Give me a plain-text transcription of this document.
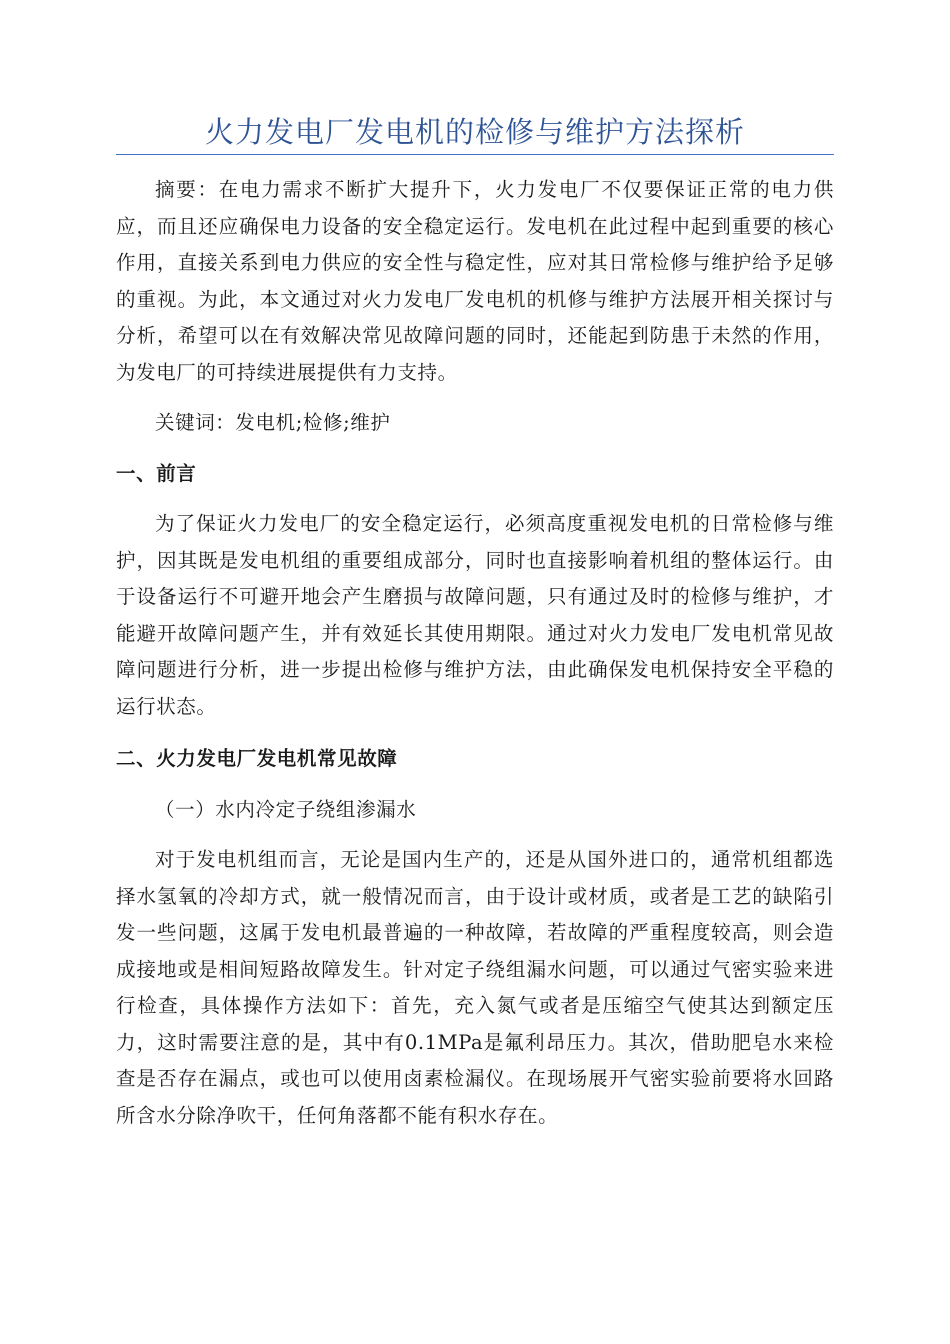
火力发电厂发电机的检修与维护方法探析

摘要：在电力需求不断扩大提升下，火力发电厂不仅要保证正常的电力供应，而且还应确保电力设备的安全稳定运行。发电机在此过程中起到重要的核心作用，直接关系到电力供应的安全性与稳定性，应对其日常检修与维护给予足够的重视。为此，本文通过对火力发电厂发电机的机修与维护方法展开相关探讨与分析，希望可以在有效解决常见故障问题的同时，还能起到防患于未然的作用，为发电厂的可持续进展提供有力支持。

关键词：发电机;检修;维护

一、前言

为了保证火力发电厂的安全稳定运行，必须高度重视发电机的日常检修与维护，因其既是发电机组的重要组成部分，同时也直接影响着机组的整体运行。由于设备运行不可避开地会产生磨损与故障问题，只有通过及时的检修与维护，才能避开故障问题产生，并有效延长其使用期限。通过对火力发电厂发电机常见故障问题进行分析，进一步提出检修与维护方法，由此确保发电机保持安全平稳的运行状态。

二、火力发电厂发电机常见故障

（一）水内冷定子绕组渗漏水

对于发电机组而言，无论是国内生产的，还是从国外进口的，通常机组都选择水氢氧的冷却方式，就一般情况而言，由于设计或材质，或者是工艺的缺陷引发一些问题，这属于发电机最普遍的一种故障，若故障的严重程度较高，则会造成接地或是相间短路故障发生。针对定子绕组漏水问题，可以通过气密实验来进行检查，具体操作方法如下：首先，充入氮气或者是压缩空气使其达到额定压力，这时需要注意的是，其中有0.1MPa是氟利昂压力。其次，借助肥皂水来检查是否存在漏点，或也可以使用卤素检漏仪。在现场展开气密实验前要将水回路所含水分除净吹干，任何角落都不能有积水存在。
